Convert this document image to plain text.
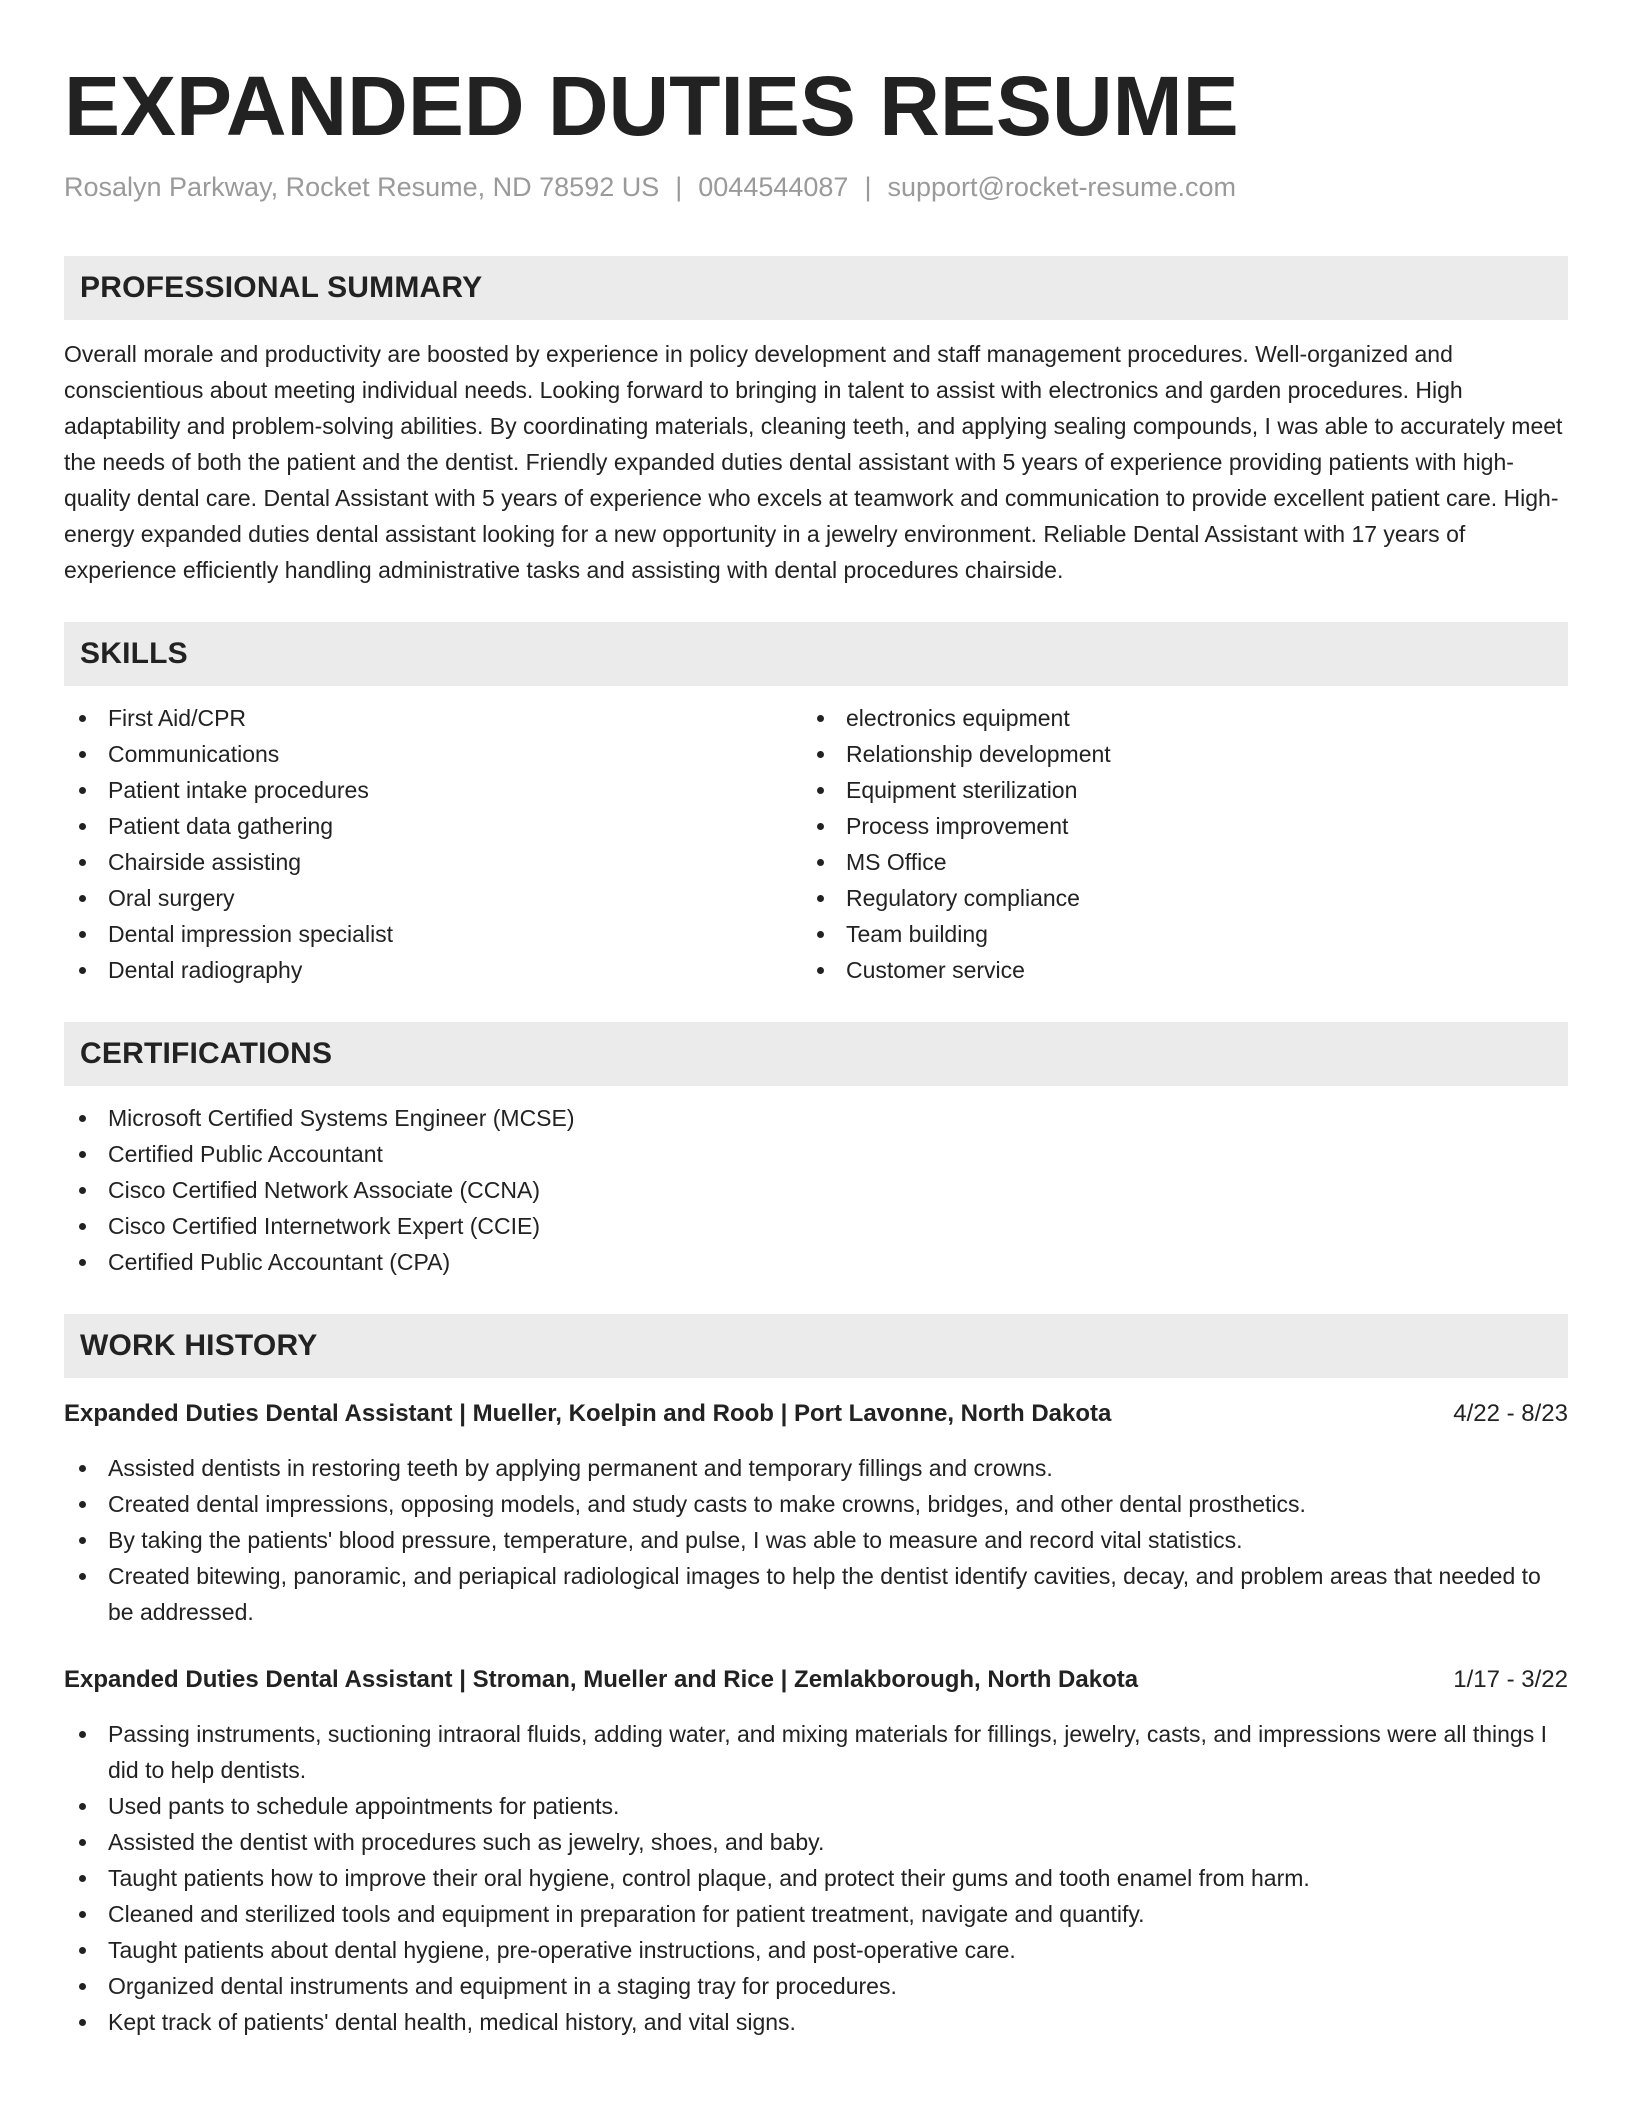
EXPANDED DUTIES RESUME
Rosalyn Parkway, Rocket Resume, ND 78592 US | 0044544087 | support@rocket-resume.com
PROFESSIONAL SUMMARY

Overall morale and productivity are boosted by experience in policy development and staff management procedures. Well-organized and conscientious about meeting individual needs. Looking forward to bringing in talent to assist with electronics and garden procedures. High adaptability and problem-solving abilities. By coordinating materials, cleaning teeth, and applying sealing compounds, I was able to accurately meet the needs of both the patient and the dentist. Friendly expanded duties dental assistant with 5 years of experience providing patients with high-quality dental care. Dental Assistant with 5 years of experience who excels at teamwork and communication to provide excellent patient care. High-energy expanded duties dental assistant looking for a new opportunity in a jewelry environment. Reliable Dental Assistant with 17 years of experience efficiently handling administrative tasks and assisting with dental procedures chairside.

SKILLS
First Aid/CPR
Communications
Patient intake procedures
Patient data gathering
Chairside assisting
Oral surgery
Dental impression specialist
Dental radiography
electronics equipment
Relationship development
Equipment sterilization
Process improvement
MS Office
Regulatory compliance
Team building
Customer service
CERTIFICATIONS
Microsoft Certified Systems Engineer (MCSE)
Certified Public Accountant
Cisco Certified Network Associate (CCNA)
Cisco Certified Internetwork Expert (CCIE)
Certified Public Accountant (CPA)
WORK HISTORY
Expanded Duties Dental Assistant | Mueller, Koelpin and Roob | Port Lavonne, North Dakota	4/22 - 8/23
Assisted dentists in restoring teeth by applying permanent and temporary fillings and crowns.
Created dental impressions, opposing models, and study casts to make crowns, bridges, and other dental prosthetics.
By taking the patients' blood pressure, temperature, and pulse, I was able to measure and record vital statistics.
Created bitewing, panoramic, and periapical radiological images to help the dentist identify cavities, decay, and problem areas that needed to be addressed.
Expanded Duties Dental Assistant | Stroman, Mueller and Rice | Zemlakborough, North Dakota	1/17 - 3/22
Passing instruments, suctioning intraoral fluids, adding water, and mixing materials for fillings, jewelry, casts, and impressions were all things I did to help dentists.
Used pants to schedule appointments for patients.
Assisted the dentist with procedures such as jewelry, shoes, and baby.
Taught patients how to improve their oral hygiene, control plaque, and protect their gums and tooth enamel from harm.
Cleaned and sterilized tools and equipment in preparation for patient treatment, navigate and quantify.
Taught patients about dental hygiene, pre-operative instructions, and post-operative care.
Organized dental instruments and equipment in a staging tray for procedures.
Kept track of patients' dental health, medical history, and vital signs.
